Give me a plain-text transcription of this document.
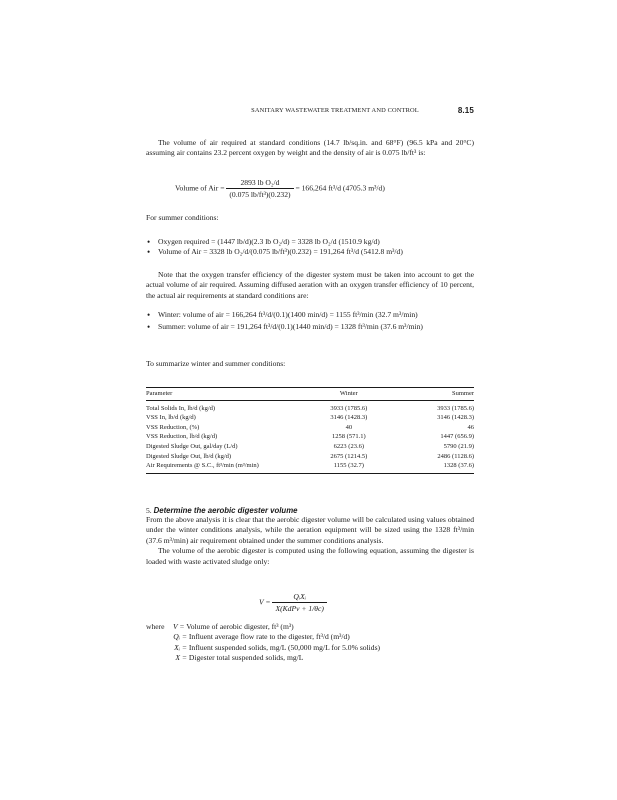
SANITARY WASTEWATER TREATMENT AND CONTROL	8.15

The volume of air required at standard conditions (14.7 lb/sq.in. and 68°F) (96.5 kPa and 20°C) assuming air contains 23.2 percent oxygen by weight and the density of air is 0.075 lb/ft³ is:

Volume of Air = $\frac{\text{2893 lb O₂/d}}{\text{(0.075 lb/ft³)(0.232)}} = 166,264$ ft³/d (4705.3 m³/d)

For summer conditions:

• Oxygen required = (1447 lb/d)(2.3 lb O₂/d) = 3328 lb O₂/d (1510.9 kg/d)
• Volume of Air = 3328 lb O₂/d/(0.075 lb/ft³)(0.232) = 191,264 ft³/d (5412.8 m³/d)

Note that the oxygen transfer efficiency of the digester system must be taken into account to get the actual volume of air required. Assuming diffused aeration with an oxygen transfer efficiency of 10 percent, the actual air requirements at standard conditions are:

• Winter: volume of air = 166,264 ft³/d/(0.1)(1400 min/d) = 1155 ft³/min (32.7 m³/min)
• Summer: volume of air = 191,264 ft³/d/(0.1)(1440 min/d) = 1328 ft³/min (37.6 m³/min)

To summarize winter and summer conditions:

Parameter	Winter	Summer
Total Solids In, lb/d (kg/d)	3933 (1785.6)	3933 (1785.6)
VSS In, lb/d (kg/d)	3146 (1428.3)	3146 (1428.3)
VSS Reduction, (%)	40	46
VSS Reduction, lb/d (kg/d)	1258 (571.1)	1447 (656.9)
Digested Sludge Out, gal/day (L/d)	6223 (23.6)	5790 (21.9)
Digested Sludge Out, lb/d (kg/d)	2675 (1214.5)	2486 (1128.6)
Air Requirements @ S.C., ft³/min (m³/min)	1155 (32.7)	1328 (37.6)
5. Determine the aerobic digester volume

From the above analysis it is clear that the aerobic digester volume will be calculated using values obtained under the winter conditions analysis, while the aeration equipment will be sized using the 1328 ft³/min (37.6 m³/min) air requirement obtained under the summer conditions analysis.

The volume of the aerobic digester is computed using the following equation, assuming the digester is loaded with waste activated sludge only:

$V = \frac{\text{QᵢXᵢ}}{\text{X(KdPv + 1/θc)}}$
where V = Volume of aerobic digester, ft³ (m³)
Qᵢ = Influent average flow rate to the digester, ft³/d (m³/d)
Xᵢ = Influent suspended solids, mg/L (50,000 mg/L for 5.0% solids)
X = Digester total suspended solids, mg/L
